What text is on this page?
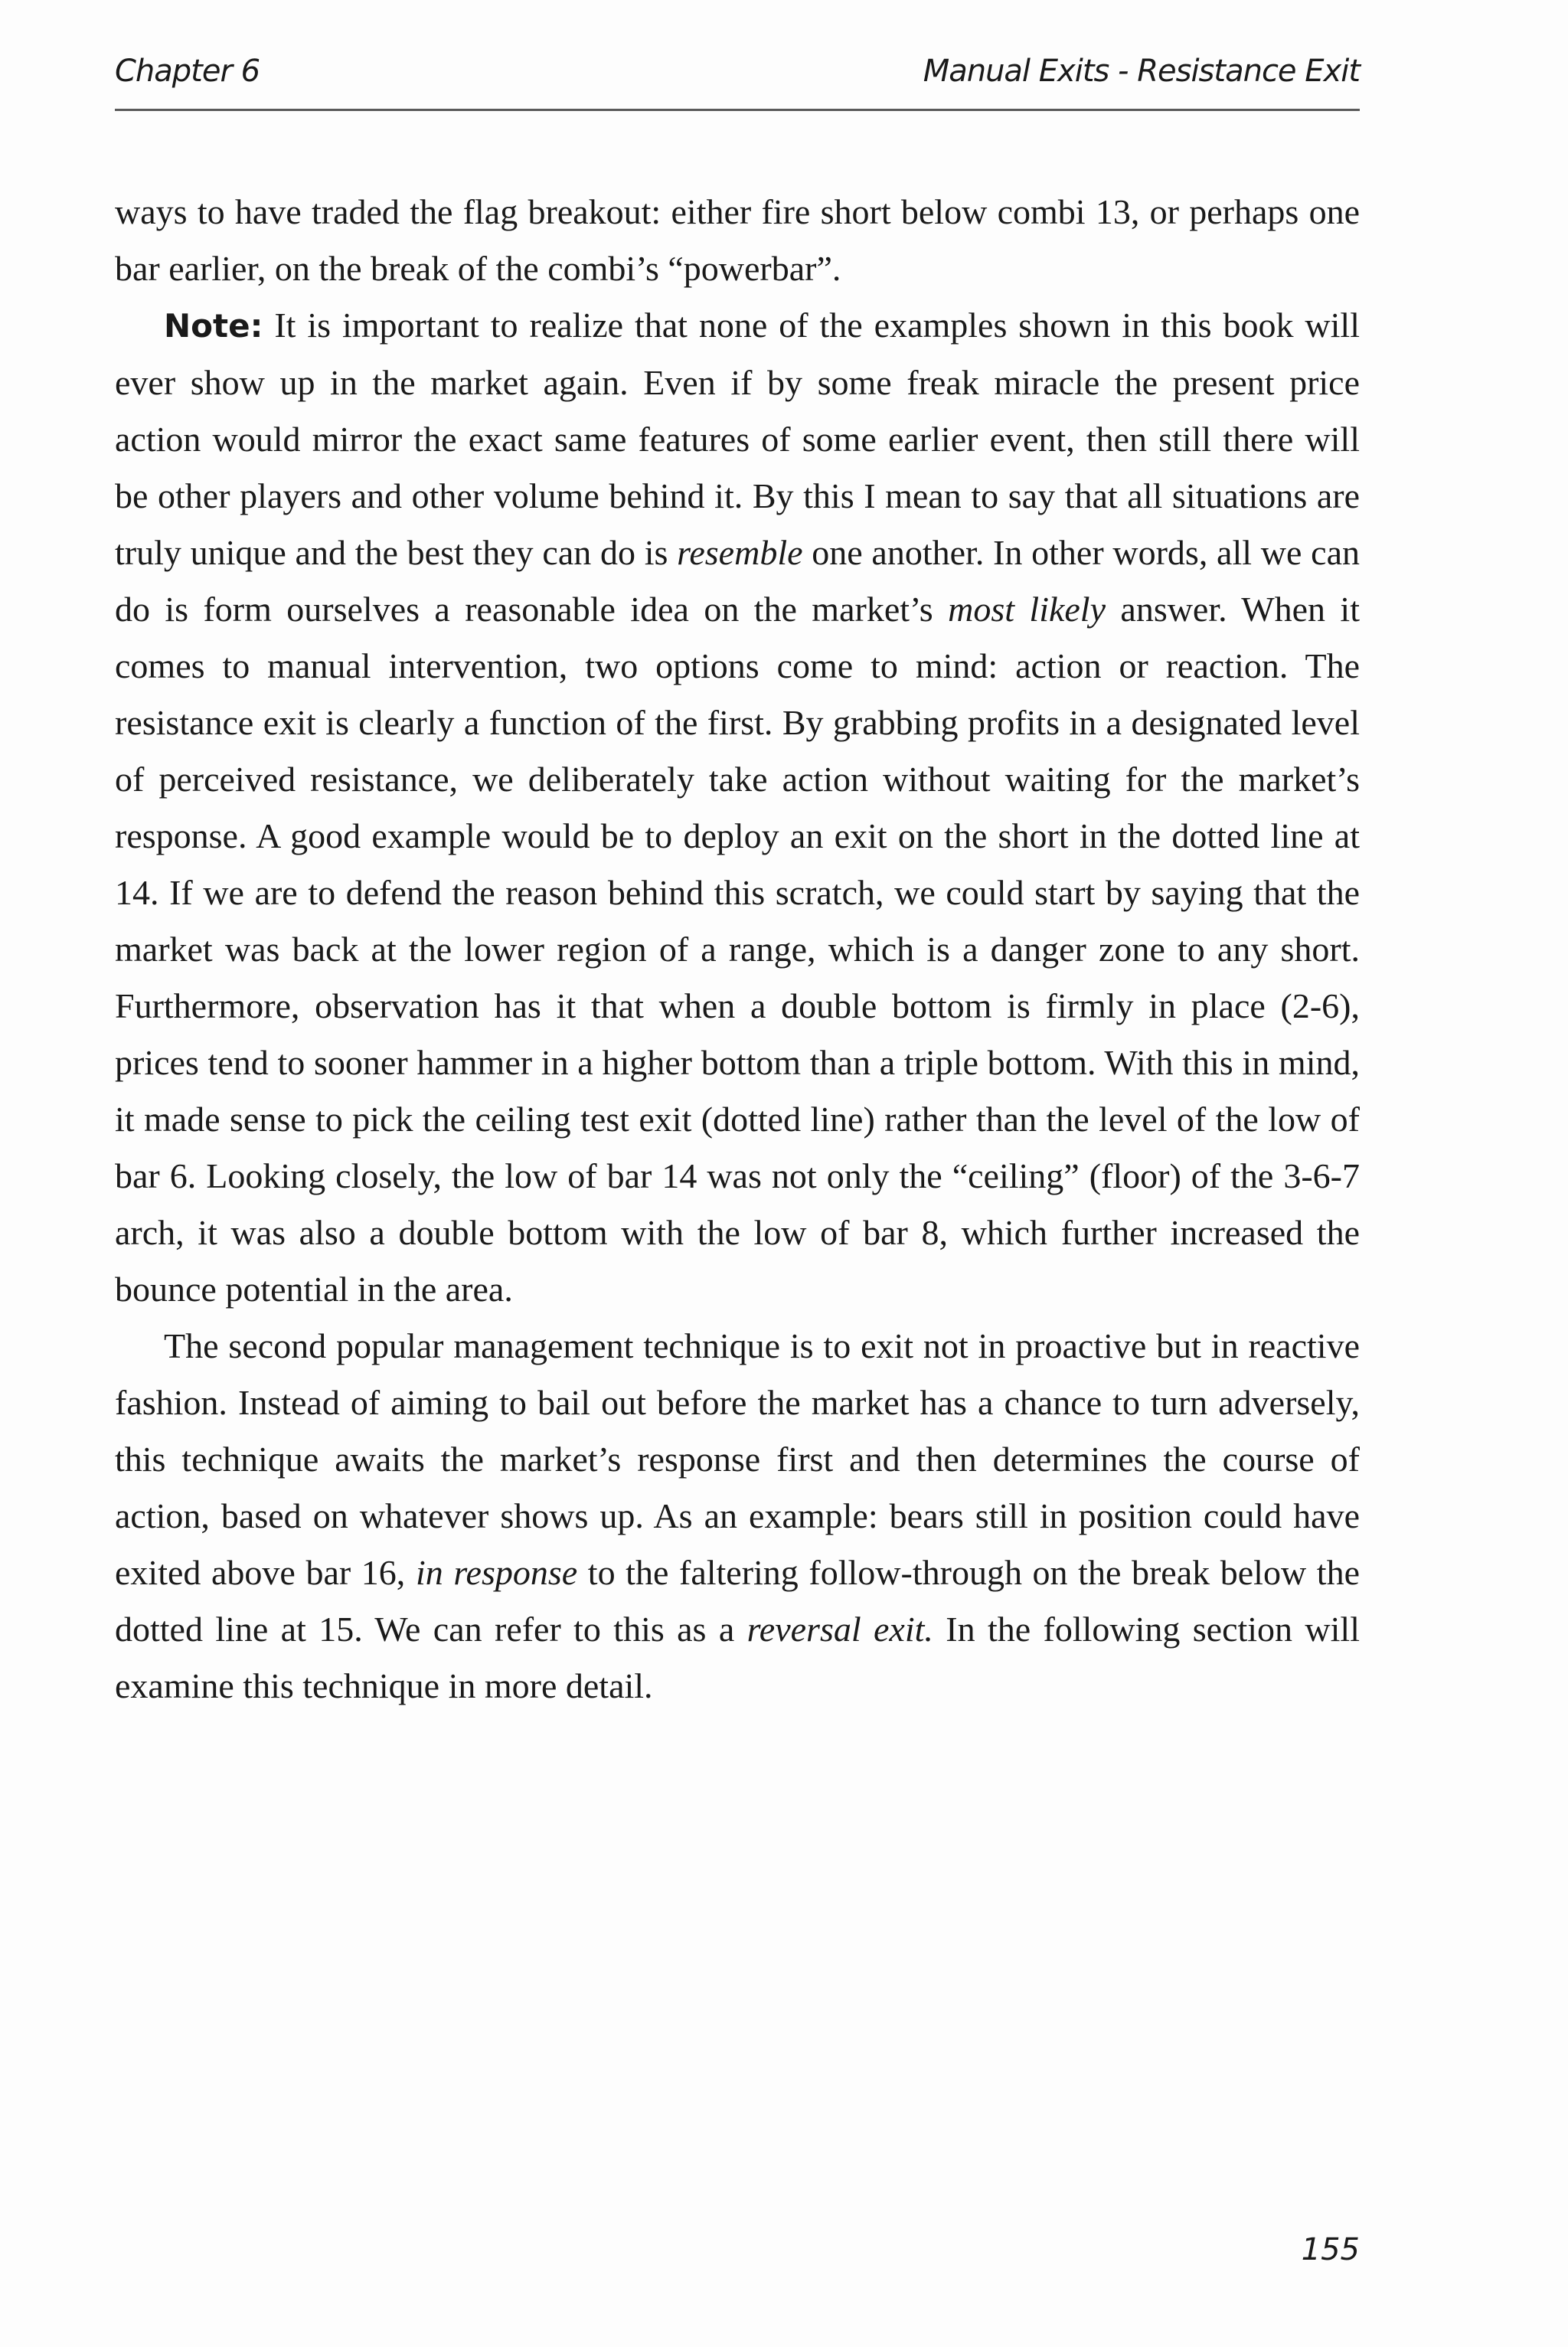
Chapter 6	Manual Exits - Resistance Exit

ways to have traded the flag breakout: either fire short below combi 13, or perhaps one bar earlier, on the break of the combi’s “powerbar”.

Note: It is important to realize that none of the examples shown in this book will ever show up in the market again. Even if by some freak miracle the present price action would mirror the exact same features of some earlier event, then still there will be other players and other volume behind it. By this I mean to say that all situations are truly unique and the best they can do is resemble one another. In other words, all we can do is form ourselves a reasonable idea on the market’s most likely answer. When it comes to manual intervention, two options come to mind: action or reaction. The resistance exit is clearly a function of the first. By grabbing profits in a designated level of perceived resistance, we deliberately take action without waiting for the market’s response. A good example would be to deploy an exit on the short in the dotted line at 14. If we are to defend the reason behind this scratch, we could start by saying that the market was back at the lower region of a range, which is a danger zone to any short. Furthermore, observation has it that when a double bottom is firmly in place (2-6), prices tend to sooner hammer in a higher bottom than a triple bottom. With this in mind, it made sense to pick the ceiling test exit (dotted line) rather than the level of the low of bar 6. Looking closely, the low of bar 14 was not only the “ceiling” (floor) of the 3-6-7 arch, it was also a double bottom with the low of bar 8, which further increased the bounce potential in the area.

The second popular management technique is to exit not in proactive but in reactive fashion. Instead of aiming to bail out before the market has a chance to turn adversely, this technique awaits the market’s response first and then determines the course of action, based on whatever shows up. As an example: bears still in position could have exited above bar 16, in response to the faltering follow-through on the break below the dotted line at 15. We can refer to this as a reversal exit. In the following section will examine this technique in more detail.

155
